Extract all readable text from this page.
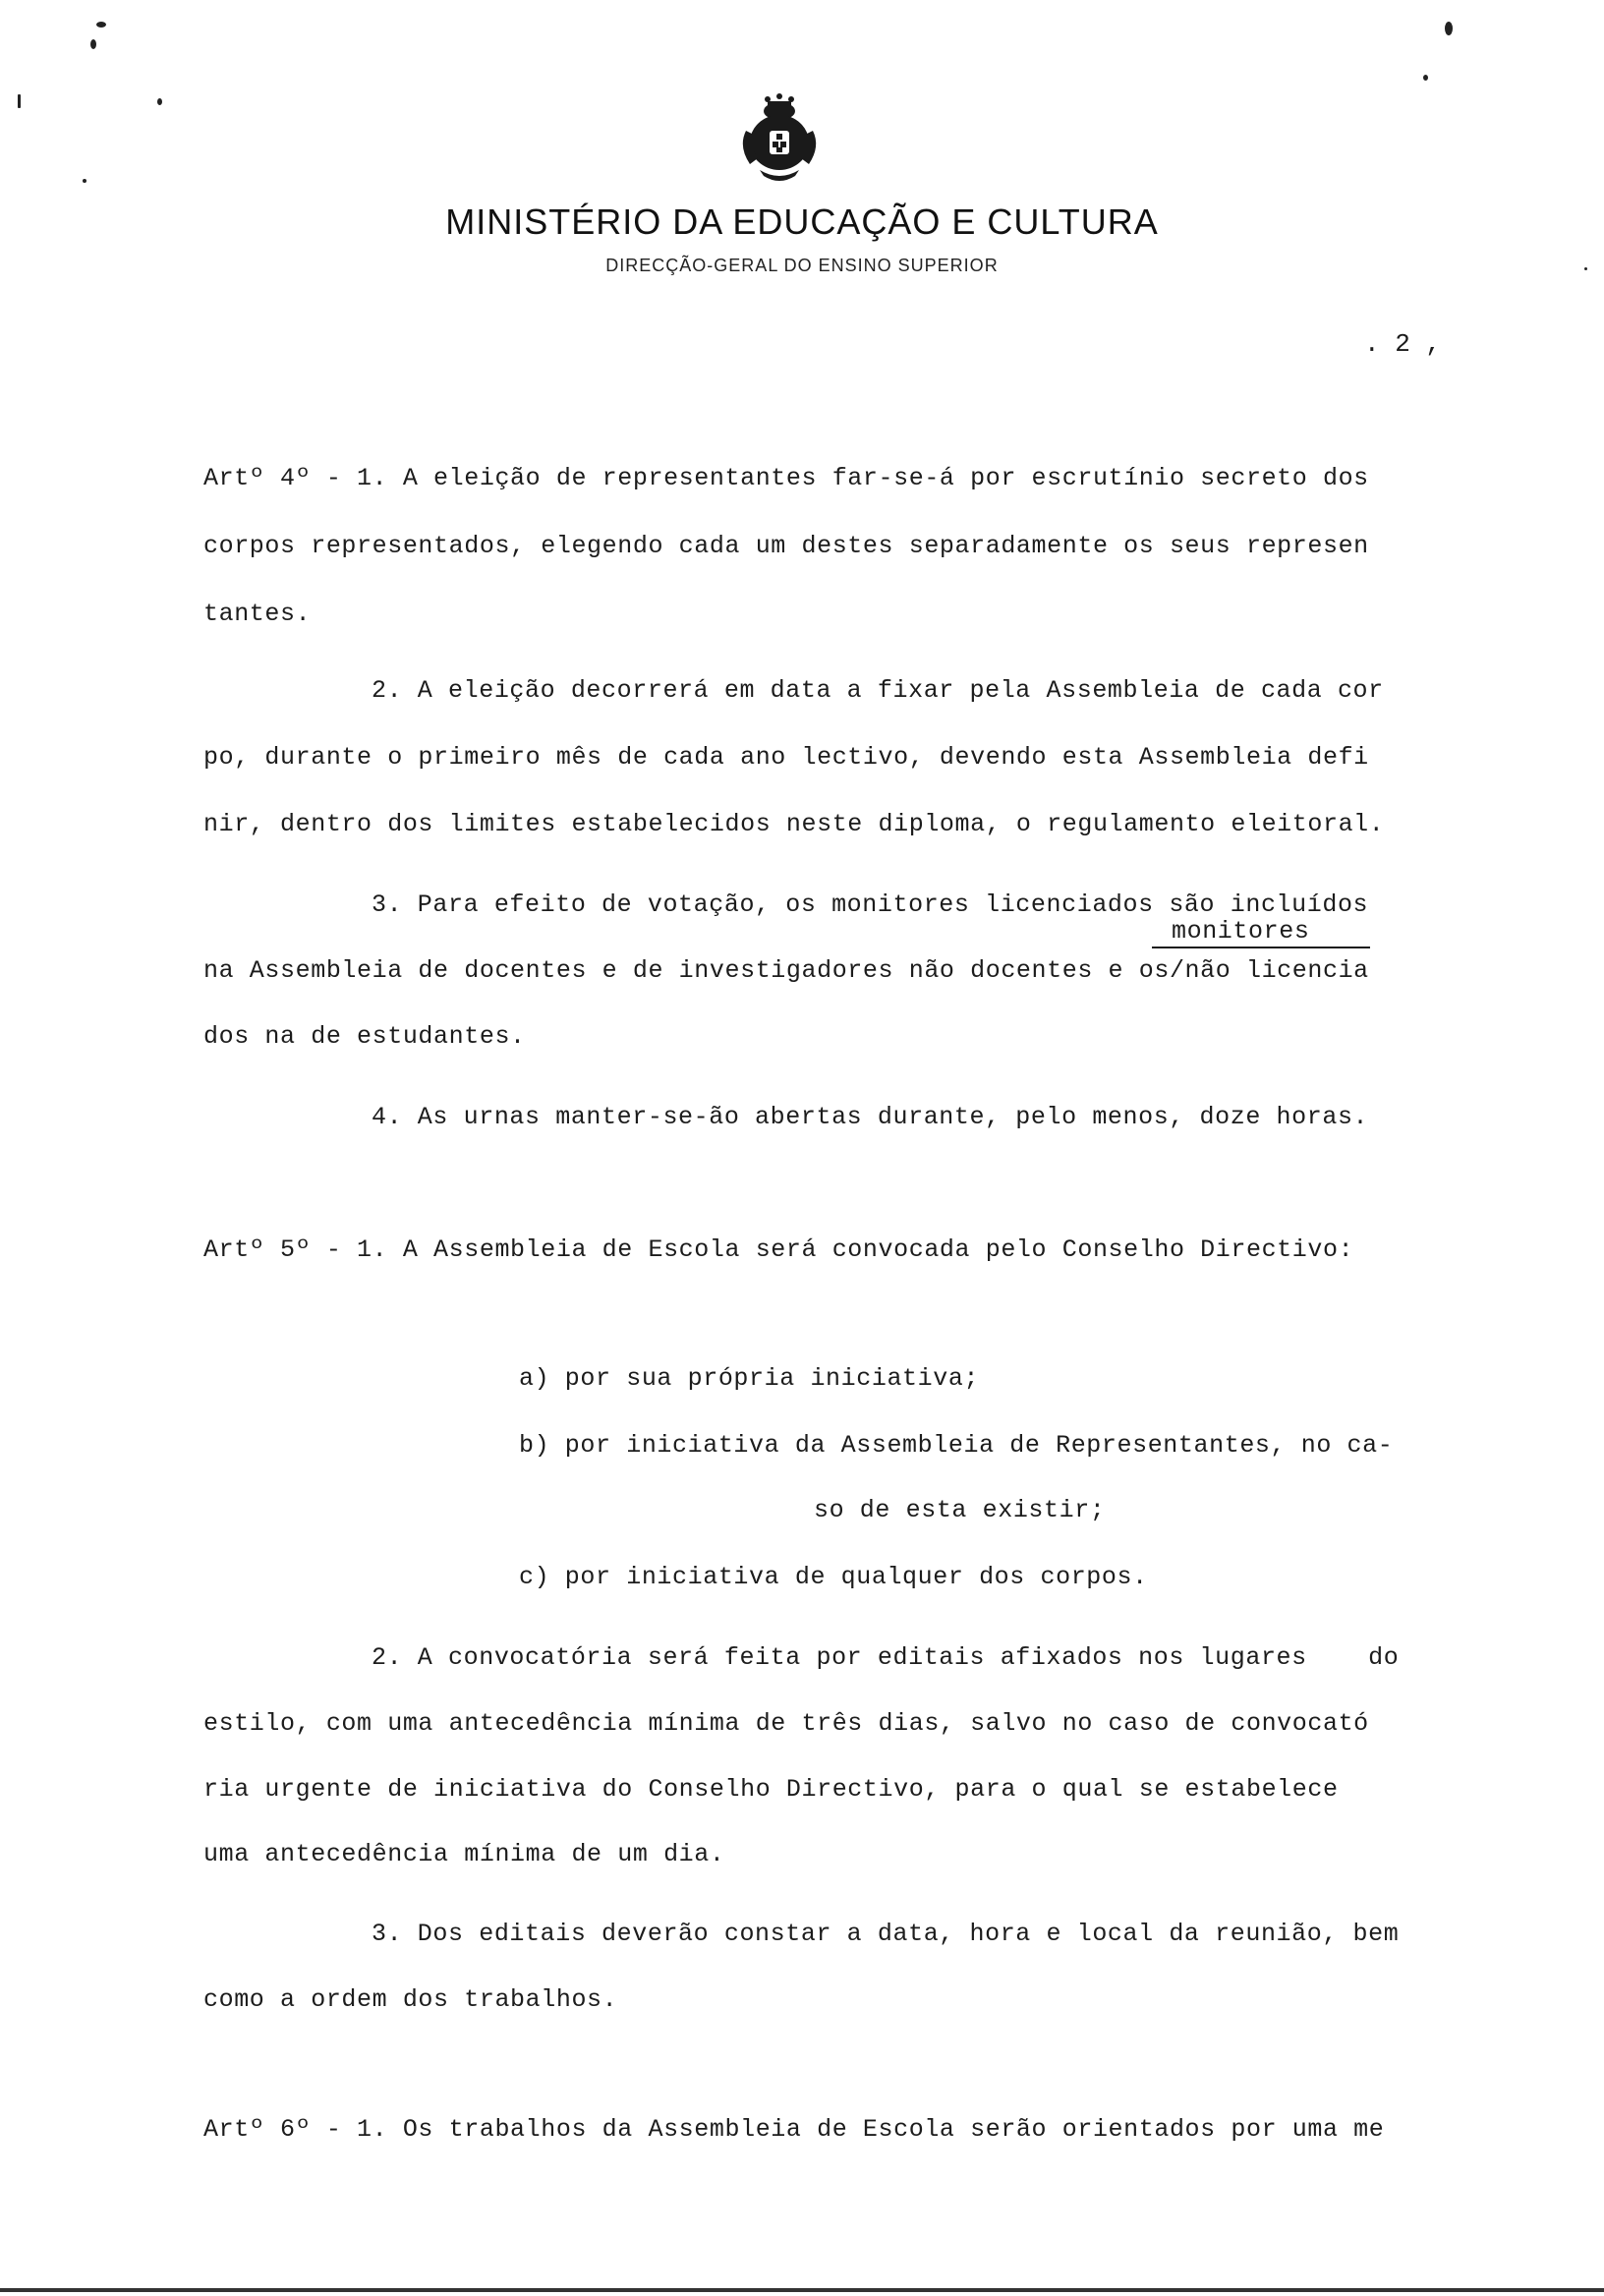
MINISTÉRIO DA EDUCAÇÃO E CULTURA
DIRECÇÃO-GERAL DO ENSINO SUPERIOR
. 2 ,
Artº 4º - 1. A eleição de representantes far-se-á por escrutínio secreto dos
corpos representados, elegendo cada um destes separadamente os seus represen
tantes.
2. A eleição decorrerá em data a fixar pela Assembleia de cada cor
po, durante o primeiro mês de cada ano lectivo, devendo esta Assembleia defi
nir, dentro dos limites estabelecidos neste diploma, o regulamento eleitoral.
3. Para efeito de votação, os monitores licenciados são incluídos
monitores
na Assembleia de docentes e de investigadores não docentes e os/não licencia
dos na de estudantes.
4. As urnas manter-se-ão abertas durante, pelo menos, doze horas.
Artº 5º - 1. A Assembleia de Escola será convocada pelo Conselho Directivo:
a) por sua própria iniciativa;
b) por iniciativa da Assembleia de Representantes, no ca-
so de esta existir;
c) por iniciativa de qualquer dos corpos.
2. A convocatória será feita por editais afixados nos lugares    do
estilo, com uma antecedência mínima de três dias, salvo no caso de convocató
ria urgente de iniciativa do Conselho Directivo, para o qual se estabelece
uma antecedência mínima de um dia.
3. Dos editais deverão constar a data, hora e local da reunião, bem
como a ordem dos trabalhos.
Artº 6º - 1. Os trabalhos da Assembleia de Escola serão orientados por uma me
